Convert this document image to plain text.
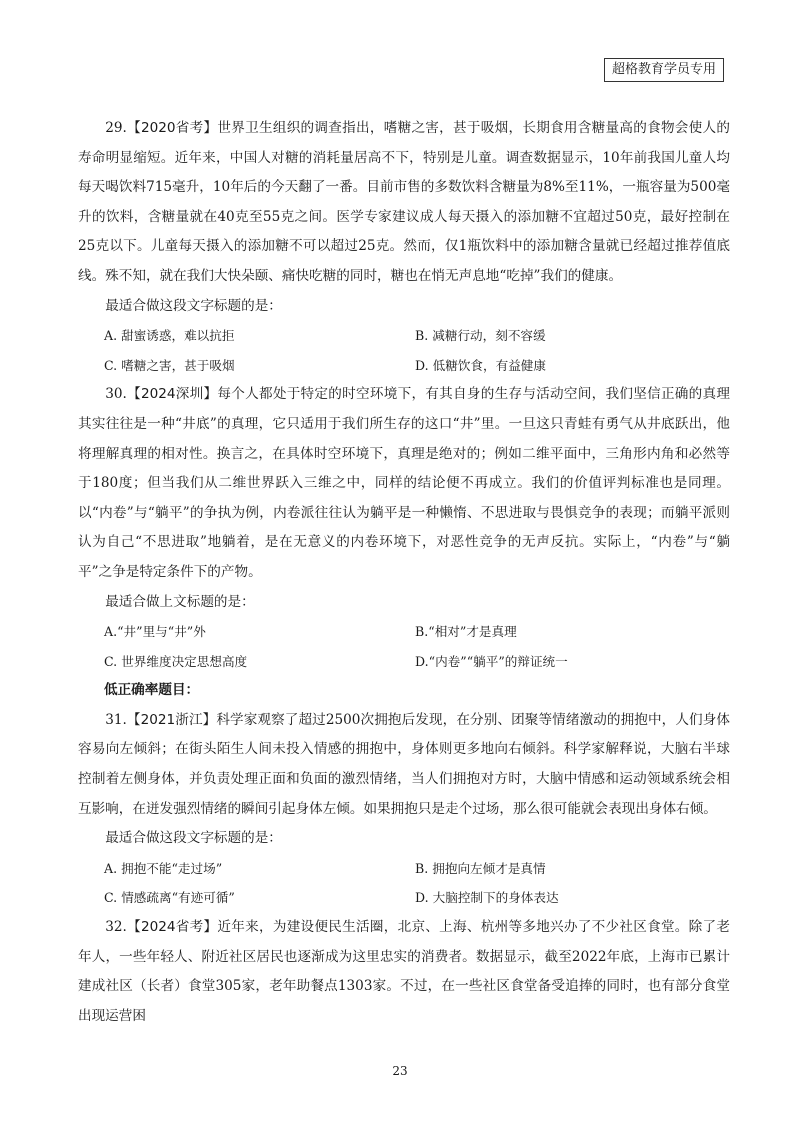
超格教育学员专用

29.【2020省考】世界卫生组织的调查指出，嗜糖之害，甚于吸烟，长期食用含糖量高的食物会使人的寿命明显缩短。近年来，中国人对糖的消耗量居高不下，特别是儿童。调查数据显示，10年前我国儿童人均每天喝饮料715毫升，10年后的今天翻了一番。目前市售的多数饮料含糖量为8%至11%，一瓶容量为500毫升的饮料，含糖量就在40克至55克之间。医学专家建议成人每天摄入的添加糖不宜超过50克，最好控制在25克以下。儿童每天摄入的添加糖不可以超过25克。然而，仅1瓶饮料中的添加糖含量就已经超过推荐值底线。殊不知，就在我们大快朵颐、痛快吃糖的同时，糖也在悄无声息地“吃掉”我们的健康。

最适合做这段文字标题的是：

A. 甜蜜诱惑，难以抗拒	B. 减糖行动，刻不容缓
C. 嗜糖之害，甚于吸烟	D. 低糖饮食，有益健康

30.【2024深圳】每个人都处于特定的时空环境下，有其自身的生存与活动空间，我们坚信正确的真理其实往往是一种“井底”的真理，它只适用于我们所生存的这口“井”里。一旦这只青蛙有勇气从井底跃出，他将理解真理的相对性。换言之，在具体时空环境下，真理是绝对的；例如二维平面中，三角形内角和必然等于180度；但当我们从二维世界跃入三维之中，同样的结论便不再成立。我们的价值评判标准也是同理。以“内卷”与“躺平”的争执为例，内卷派往往认为躺平是一种懒惰、不思进取与畏惧竞争的表现；而躺平派则认为自己“不思进取”地躺着，是在无意义的内卷环境下，对恶性竞争的无声反抗。实际上，“内卷”与“躺平”之争是特定条件下的产物。

最适合做上文标题的是：

A.“井”里与“井”外	B.“相对”才是真理
C. 世界维度决定思想高度	D.“内卷”“躺平”的辩证统一

低正确率题目：

31.【2021浙江】科学家观察了超过2500次拥抱后发现，在分别、团聚等情绪激动的拥抱中，人们身体容易向左倾斜；在街头陌生人间未投入情感的拥抱中，身体则更多地向右倾斜。科学家解释说，大脑右半球控制着左侧身体，并负责处理正面和负面的激烈情绪，当人们拥抱对方时，大脑中情感和运动领域系统会相互影响，在迸发强烈情绪的瞬间引起身体左倾。如果拥抱只是走个过场，那么很可能就会表现出身体右倾。

最适合做这段文字标题的是：

A. 拥抱不能“走过场”	B. 拥抱向左倾才是真情
C. 情感疏离“有迹可循”	D. 大脑控制下的身体表达

32.【2024省考】近年来，为建设便民生活圈，北京、上海、杭州等多地兴办了不少社区食堂。除了老年人，一些年轻人、附近社区居民也逐渐成为这里忠实的消费者。数据显示，截至2022年底，上海市已累计建成社区（长者）食堂305家，老年助餐点1303家。不过，在一些社区食堂备受追捧的同时，也有部分食堂出现运营困

23
